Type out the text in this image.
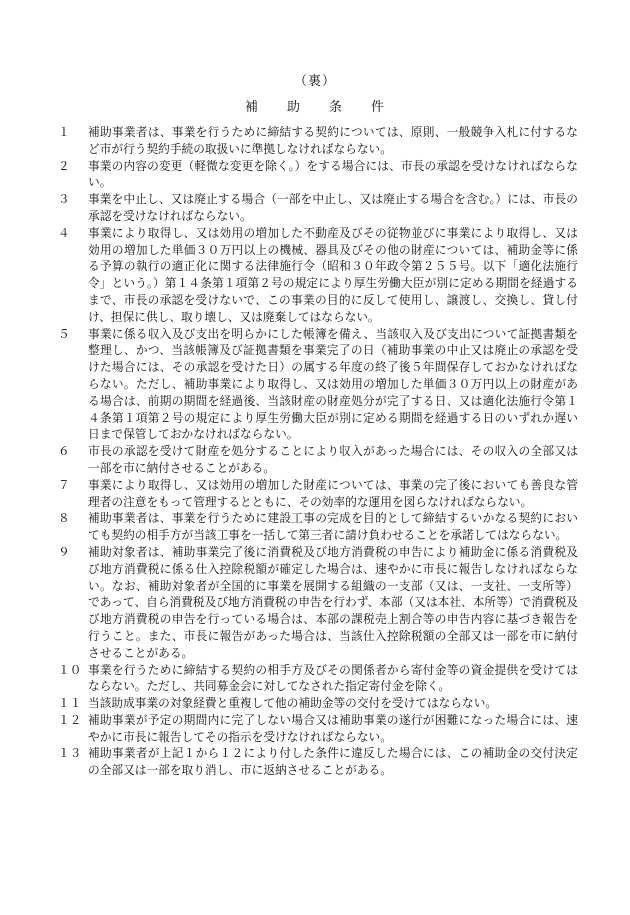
（裏）
補 助 条 件
１	補助事業者は、事業を行うために締結する契約については、原則、一般競争入札に付するなど市が行う契約手続の取扱いに準拠しなければならない。
２	事業の内容の変更（軽微な変更を除く。）をする場合には、市長の承認を受けなければならない。
３	事業を中止し、又は廃止する場合（一部を中止し、又は廃止する場合を含む。）には、市長の承認を受けなければならない。
４	事業により取得し、又は効用の増加した不動産及びその従物並びに事業により取得し、又は効用の増加した単価３０万円以上の機械、器具及びその他の財産については、補助金等に係る予算の執行の適正化に関する法律施行令（昭和３０年政令第２５５号。以下「適化法施行令」という。）第１４条第１項第２号の規定により厚生労働大臣が別に定める期間を経過するまで、市長の承認を受けないで、この事業の目的に反して使用し、譲渡し、交換し、貸し付け、担保に供し、取り壊し、又は廃棄してはならない。
５	事業に係る収入及び支出を明らかにした帳簿を備え、当該収入及び支出について証拠書類を整理し、かつ、当該帳簿及び証拠書類を事業完了の日（補助事業の中止又は廃止の承認を受けた場合には、その承認を受けた日）の属する年度の終了後５年間保存しておかなければならない。ただし、補助事業により取得し、又は効用の増加した単価３０万円以上の財産がある場合は、前期の期間を経過後、当該財産の財産処分が完了する日、又は適化法施行令第１４条第１項第２号の規定により厚生労働大臣が別に定める期間を経過する日のいずれか遅い日まで保管しておかなければならない。
６	市長の承認を受けて財産を処分することにより収入があった場合には、その収入の全部又は一部を市に納付させることがある。
７	事業により取得し、又は効用の増加した財産については、事業の完了後においても善良な管理者の注意をもって管理するとともに、その効率的な運用を図らなければならない。
８	補助事業者は、事業を行うために建設工事の完成を目的として締結するいかなる契約においても契約の相手方が当該工事を一括して第三者に請け負わせることを承諾してはならない。
９	補助対象者は、補助事業完了後に消費税及び地方消費税の申告により補助金に係る消費税及び地方消費税に係る仕入控除税額が確定した場合は、速やかに市長に報告しなければならない。なお、補助対象者が全国的に事業を展開する組織の一支部（又は、一支社、一支所等）であって、自ら消費税及び地方消費税の申告を行わず、本部（又は本社、本所等）で消費税及び地方消費税の申告を行っている場合は、本部の課税売上割合等の申告内容に基づき報告を行うこと。また、市長に報告があった場合は、当該仕入控除税額の全部又は一部を市に納付させることがある。
１０ 事業を行うために締結する契約の相手方及びその関係者から寄付金等の資金提供を受けてはならない。ただし、共同募金会に対してなされた指定寄付金を除く。
１１ 当該助成事業の対象経費と重複して他の補助金等の交付を受けてはならない。
１２ 補助事業が予定の期間内に完了しない場合又は補助事業の遂行が困難になった場合には、速やかに市長に報告してその指示を受けなければならない。
１３ 補助事業者が上記１から１２により付した条件に違反した場合には、この補助金の交付決定の全部又は一部を取り消し、市に返納させることがある。
